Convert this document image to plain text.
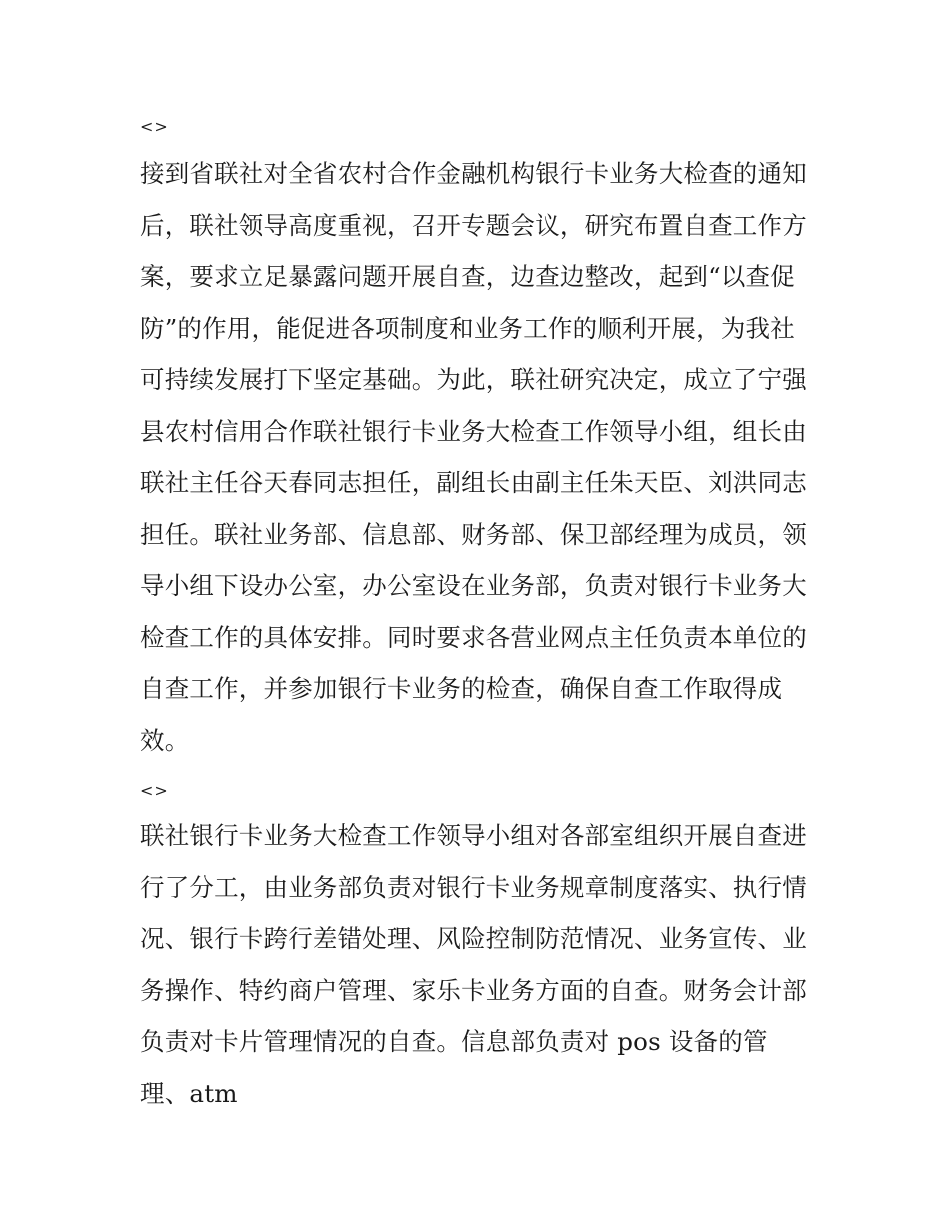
<>
接到省联社对全省农村合作金融机构银行卡业务大检查的通知
后，联社领导高度重视，召开专题会议，研究布置自查工作方
案，要求立足暴露问题开展自查，边查边整改，起到“以查促
防”的作用，能促进各项制度和业务工作的顺利开展，为我社
可持续发展打下坚定基础。为此，联社研究决定，成立了宁强
县农村信用合作联社银行卡业务大检查工作领导小组，组长由
联社主任谷天春同志担任，副组长由副主任朱天臣、刘洪同志
担任。联社业务部、信息部、财务部、保卫部经理为成员，领
导小组下设办公室，办公室设在业务部，负责对银行卡业务大
检查工作的具体安排。同时要求各营业网点主任负责本单位的
自查工作，并参加银行卡业务的检查，确保自查工作取得成
效。
<>
联社银行卡业务大检查工作领导小组对各部室组织开展自查进
行了分工，由业务部负责对银行卡业务规章制度落实、执行情
况、银行卡跨行差错处理、风险控制防范情况、业务宣传、业
务操作、特约商户管理、家乐卡业务方面的自查。财务会计部
负责对卡片管理情况的自查。信息部负责对 pos 设备的管
理、atm
